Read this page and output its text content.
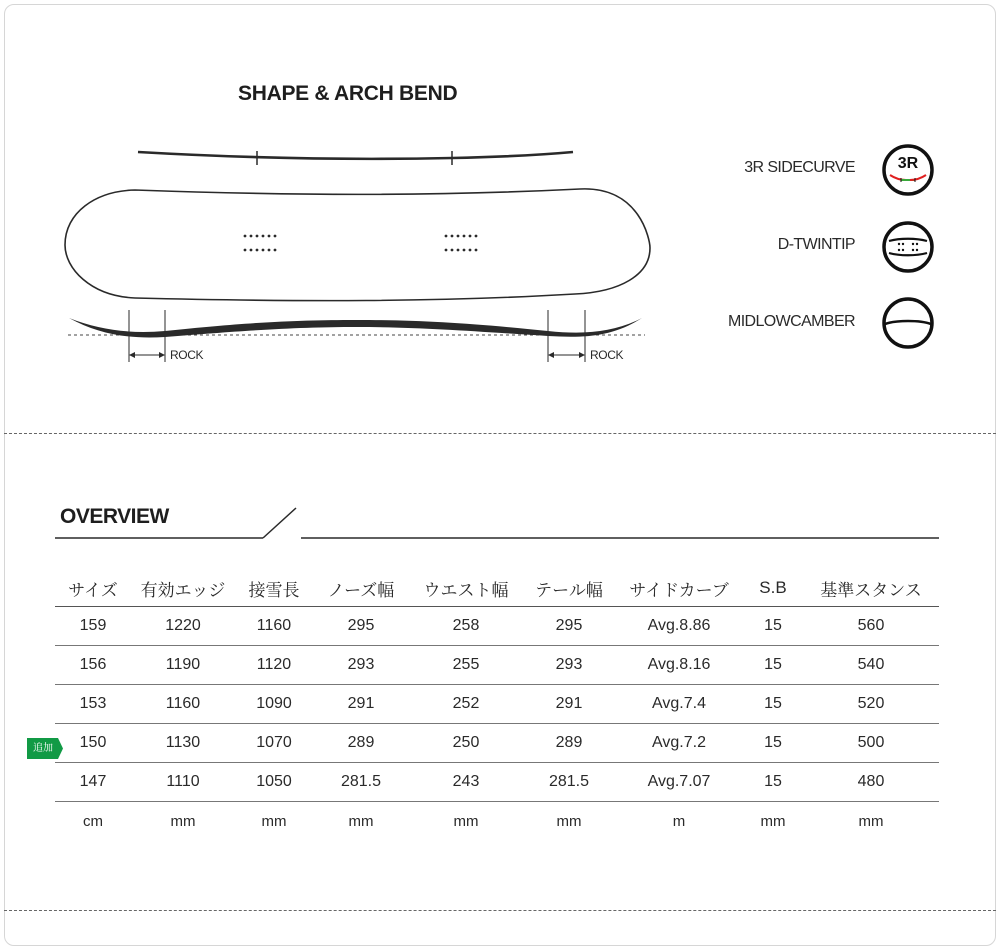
SHAPE & ARCH BEND
ROCK	ROCK
3R SIDECURVE	3R
D-TWINTIP
MIDLOWCAMBER
OVERVIEW
サイズ	有効エッジ	接雪長	ノーズ幅	ウエスト幅	テール幅	サイドカーブ	S.B	基準スタンス
159	1220	1160	295	258	295	Avg.8.86	15	560
156	1190	1120	293	255	293	Avg.8.16	15	540
153	1160	1090	291	252	291	Avg.7.4	15	520
150	1130	1070	289	250	289	Avg.7.2	15	500
147	1110	1050	281.5	243	281.5	Avg.7.07	15	480
cm	mm	mm	mm	mm	mm	m	mm	mm
追加
